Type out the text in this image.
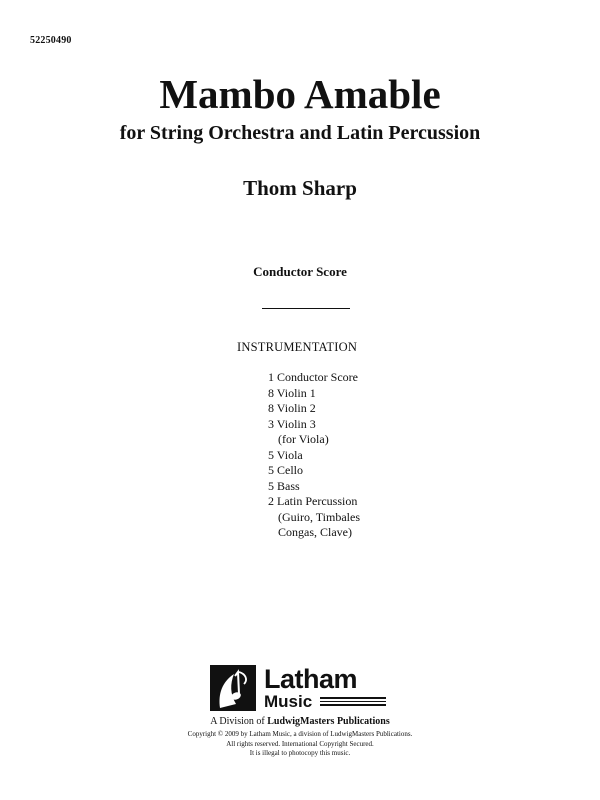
52250490
Mambo Amable
for String Orchestra and Latin Percussion
Thom Sharp
Conductor Score
INSTRUMENTATION
1 Conductor Score
8 Violin 1
8 Violin 2
3 Violin 3
(for Viola)
5 Viola
5 Cello
5 Bass
2 Latin Percussion
(Guiro, Timbales
Congas, Clave)
Latham
Music
A Division of LudwigMasters Publications
Copyright © 2009 by Latham Music, a division of LudwigMasters Publications.
All rights reserved. International Copyright Secured.
It is illegal to photocopy this music.
